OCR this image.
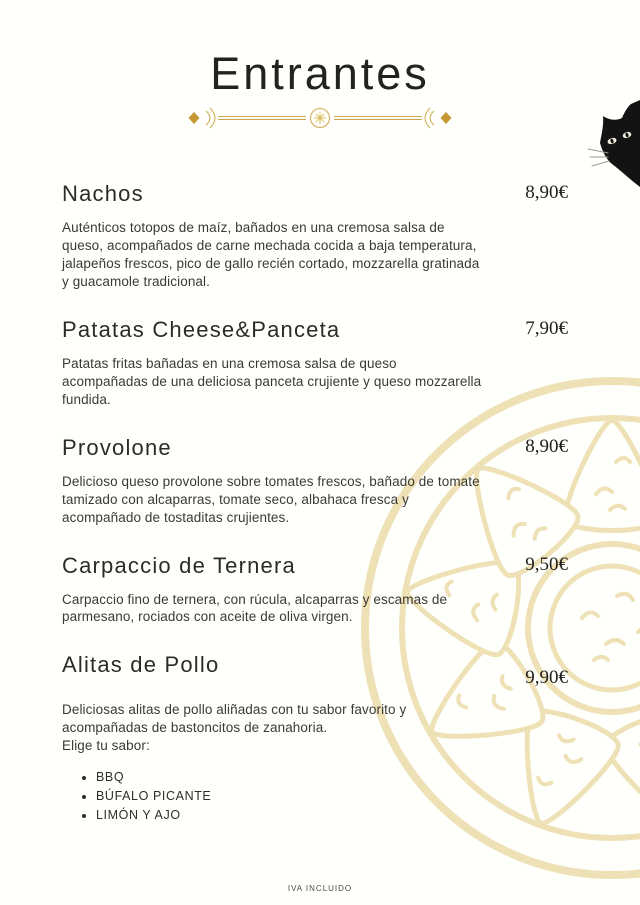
Entrantes
Nachos	8,90€

Auténticos totopos de maíz, bañados en una cremosa salsa de queso, acompañados de carne mechada cocida a baja temperatura, jalapeños frescos, pico de gallo recién cortado, mozzarella gratinada y guacamole tradicional.

Patatas Cheese&Panceta	7,90€

Patatas fritas bañadas en una cremosa salsa de queso acompañadas de una deliciosa panceta crujiente y queso mozzarella fundida.

Provolone	8,90€

Delicioso queso provolone sobre tomates frescos, bañado de tomate tamizado con alcaparras, tomate seco, albahaca fresca y acompañado de tostaditas crujientes.

Carpaccio de Ternera	9,50€

Carpaccio fino de ternera, con rúcula, alcaparras y escamas de parmesano, rociados con aceite de oliva virgen.

Alitas de Pollo
9,90€

Deliciosas alitas de pollo aliñadas con tu sabor favorito y acompañadas de bastoncitos de zanahoria.

Elige tu sabor:

• BBQ
• BÚFALO PICANTE
• LIMÓN Y AJO
IVA INCLUIDO
